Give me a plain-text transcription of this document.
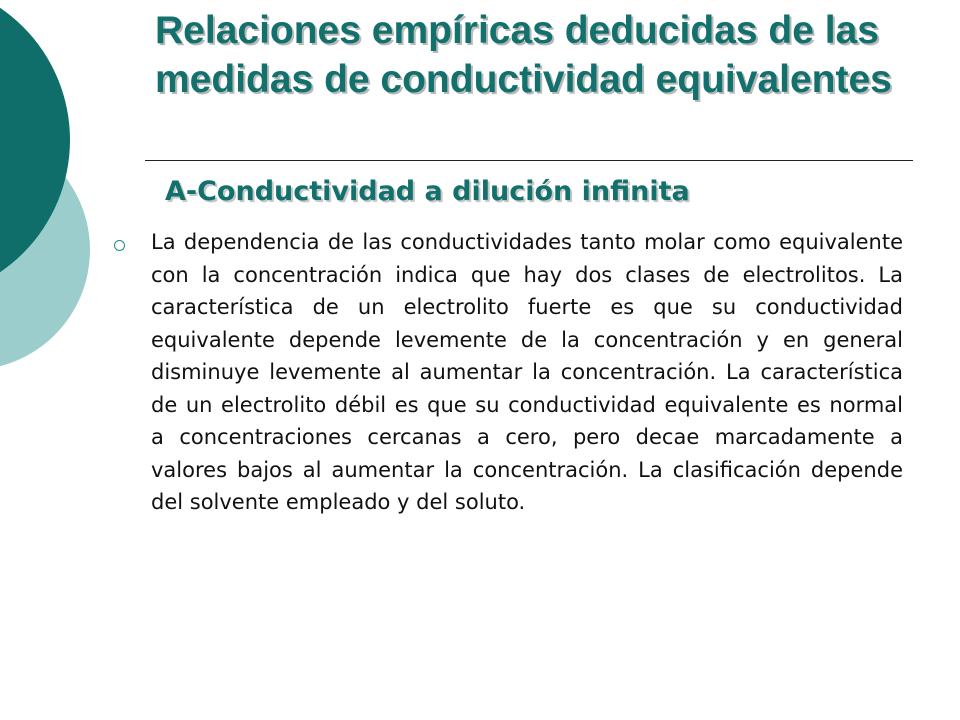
Relaciones empíricas deducidas de las medidas de conductividad equivalentes
A-Conductividad a dilución infinita

La dependencia de las conductividades tanto molar como equivalente con la concentración indica que hay dos clases de electrolitos. La característica de un electrolito fuerte es que su conductividad equivalente depende levemente de la concentración y en general disminuye levemente al aumentar la concentración. La característica de un electrolito débil es que su conductividad equivalente es normal a concentraciones cercanas a cero, pero decae marcadamente a valores bajos al aumentar la concentración. La clasificación depende del solvente empleado y del soluto.
